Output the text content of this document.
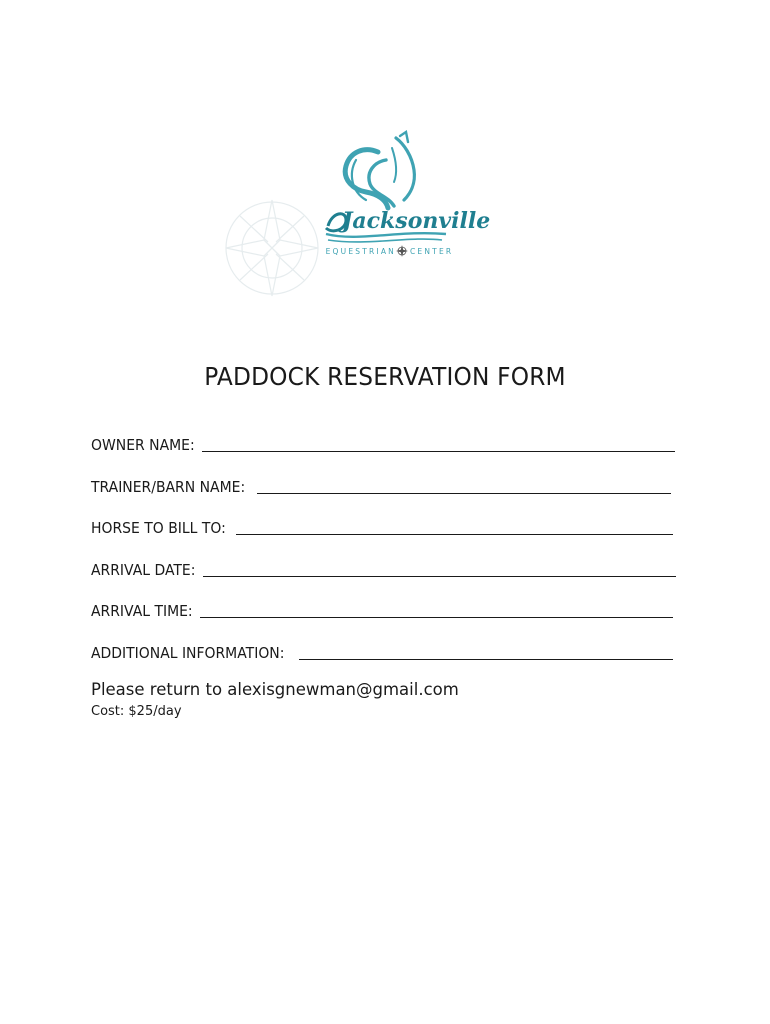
Jacksonville
EQUESTRIAN CENTER
PADDOCK RESERVATION FORM
OWNER NAME:
TRAINER/BARN NAME:
HORSE TO BILL TO:
ARRIVAL DATE:
ARRIVAL TIME:
ADDITIONAL INFORMATION:
Please return to alexisgnewman@gmail.com
Cost: $25/day
